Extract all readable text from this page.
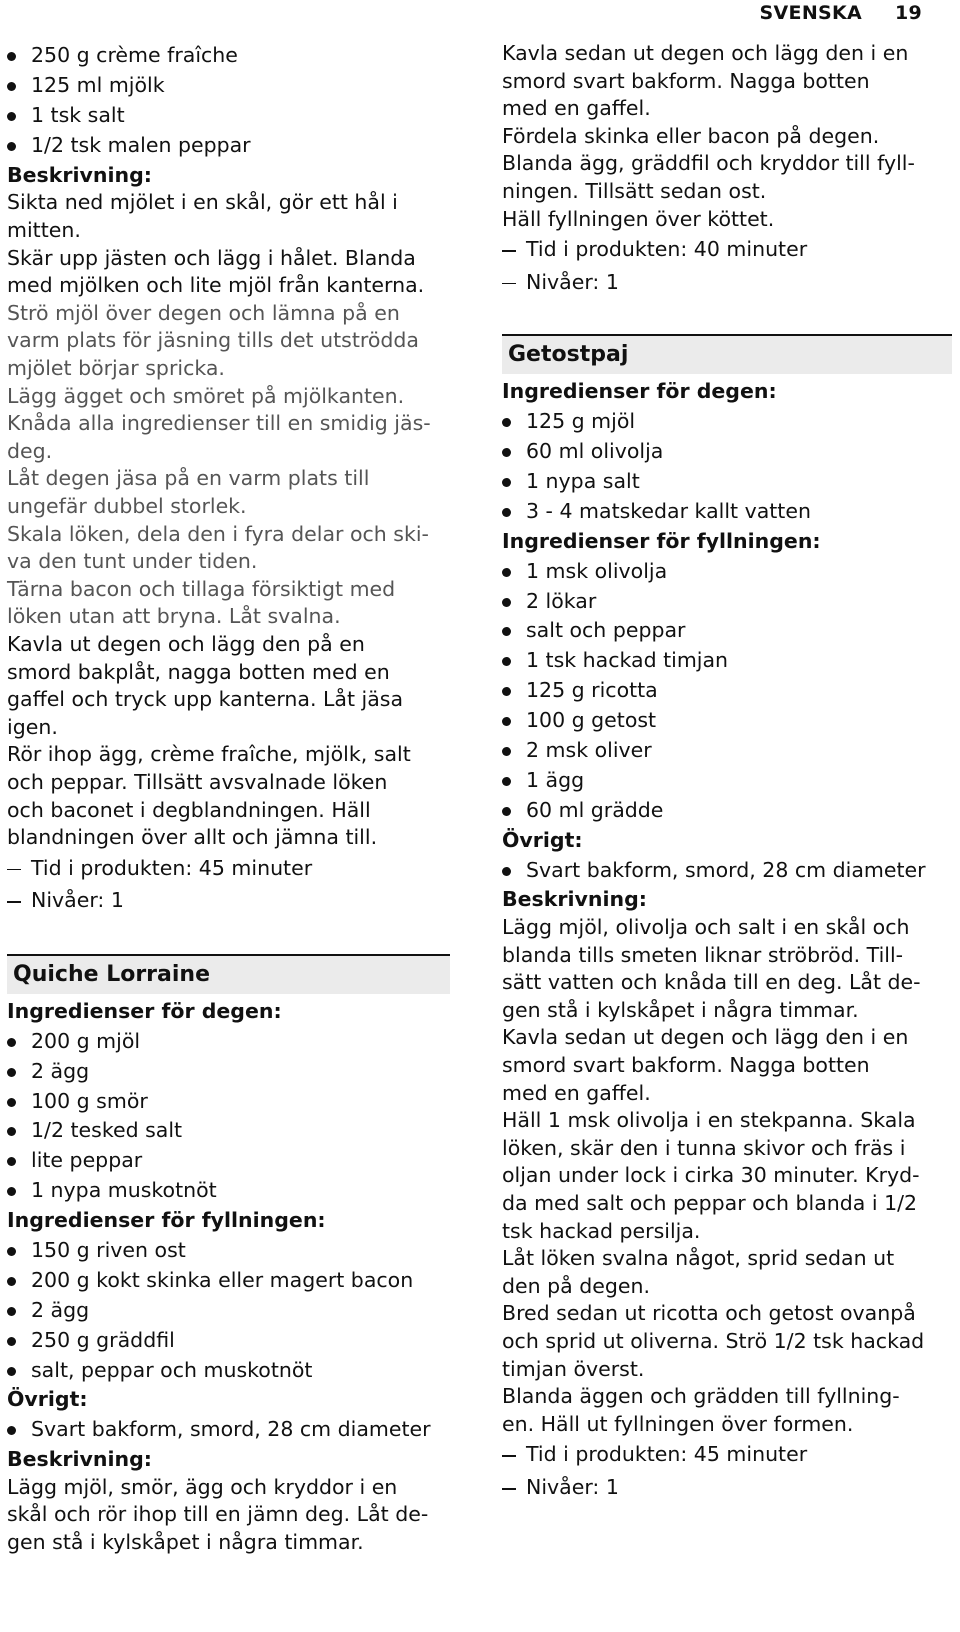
SVENSKA 19
250 g crème fraîche
125 ml mjölk
1 tsk salt
1/2 tsk malen peppar
Beskrivning:
Sikta ned mjölet i en skål, gör ett hål i
mitten.
Skär upp jästen och lägg i hålet. Blanda
med mjölken och lite mjöl från kanterna.
Strö mjöl över degen och lämna på en
varm plats för jäsning tills det utströdda
mjölet börjar spricka.
Lägg ägget och smöret på mjölkanten.
Knåda alla ingredienser till en smidig jäs-
deg.
Låt degen jäsa på en varm plats till
ungefär dubbel storlek.
Skala löken, dela den i fyra delar och ski-
va den tunt under tiden.
Tärna bacon och tillaga försiktigt med
löken utan att bryna. Låt svalna.
Kavla ut degen och lägg den på en
smord bakplåt, nagga botten med en
gaffel och tryck upp kanterna. Låt jäsa
igen.
Rör ihop ägg, crème fraîche, mjölk, salt
och peppar. Tillsätt avsvalnade löken
och baconet i degblandningen. Häll
blandningen över allt och jämna till.
Tid i produkten: 45 minuter
Nivåer: 1
Quiche Lorraine
Ingredienser för degen:
200 g mjöl
2 ägg
100 g smör
1/2 tesked salt
lite peppar
1 nypa muskotnöt
Ingredienser för fyllningen:
150 g riven ost
200 g kokt skinka eller magert bacon
2 ägg
250 g gräddfil
salt, peppar och muskotnöt
Övrigt:
Svart bakform, smord, 28 cm diameter
Beskrivning:
Lägg mjöl, smör, ägg och kryddor i en
skål och rör ihop till en jämn deg. Låt de-
gen stå i kylskåpet i några timmar.
Kavla sedan ut degen och lägg den i en
smord svart bakform. Nagga botten
med en gaffel.
Fördela skinka eller bacon på degen.
Blanda ägg, gräddfil och kryddor till fyll-
ningen. Tillsätt sedan ost.
Häll fyllningen över köttet.
Tid i produkten: 40 minuter
Nivåer: 1
Getostpaj
Ingredienser för degen:
125 g mjöl
60 ml olivolja
1 nypa salt
3 - 4 matskedar kallt vatten
Ingredienser för fyllningen:
1 msk olivolja
2 lökar
salt och peppar
1 tsk hackad timjan
125 g ricotta
100 g getost
2 msk oliver
1 ägg
60 ml grädde
Övrigt:
Svart bakform, smord, 28 cm diameter
Beskrivning:
Lägg mjöl, olivolja och salt i en skål och
blanda tills smeten liknar ströbröd. Till-
sätt vatten och knåda till en deg. Låt de-
gen stå i kylskåpet i några timmar.
Kavla sedan ut degen och lägg den i en
smord svart bakform. Nagga botten
med en gaffel.
Häll 1 msk olivolja i en stekpanna. Skala
löken, skär den i tunna skivor och fräs i
oljan under lock i cirka 30 minuter. Kryd-
da med salt och peppar och blanda i 1/2
tsk hackad persilja.
Låt löken svalna något, sprid sedan ut
den på degen.
Bred sedan ut ricotta och getost ovanpå
och sprid ut oliverna. Strö 1/2 tsk hackad
timjan överst.
Blanda äggen och grädden till fyllning-
en. Häll ut fyllningen över formen.
Tid i produkten: 45 minuter
Nivåer: 1
